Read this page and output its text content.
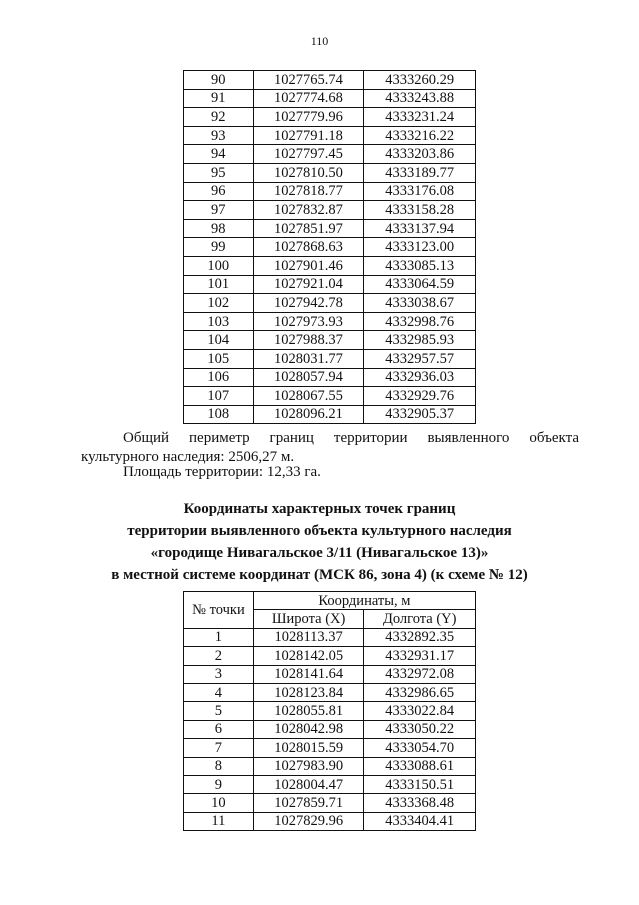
110
90	1027765.74	4333260.29
91	1027774.68	4333243.88
92	1027779.96	4333231.24
93	1027791.18	4333216.22
94	1027797.45	4333203.86
95	1027810.50	4333189.77
96	1027818.77	4333176.08
97	1027832.87	4333158.28
98	1027851.97	4333137.94
99	1027868.63	4333123.00
100	1027901.46	4333085.13
101	1027921.04	4333064.59
102	1027942.78	4333038.67
103	1027973.93	4332998.76
104	1027988.37	4332985.93
105	1028031.77	4332957.57
106	1028057.94	4332936.03
107	1028067.55	4332929.76
108	1028096.21	4332905.37

Общий периметр границ территории выявленного объекта культурного наследия: 2506,27 м.

Площадь территории: 12,33 га.

Координаты характерных точек границ

территории выявленного объекта культурного наследия

«городище Нивагальское 3/11 (Нивагальское 13)»

в местной системе координат (МСК 86, зона 4) (к схеме № 12)

№ точки	Координаты, м	
	Широта (X)	Долгота (Y)
1	1028113.37	4332892.35
2	1028142.05	4332931.17
3	1028141.64	4332972.08
4	1028123.84	4332986.65
5	1028055.81	4333022.84
6	1028042.98	4333050.22
7	1028015.59	4333054.70
8	1027983.90	4333088.61
9	1028004.47	4333150.51
10	1027859.71	4333368.48
11	1027829.96	4333404.41
